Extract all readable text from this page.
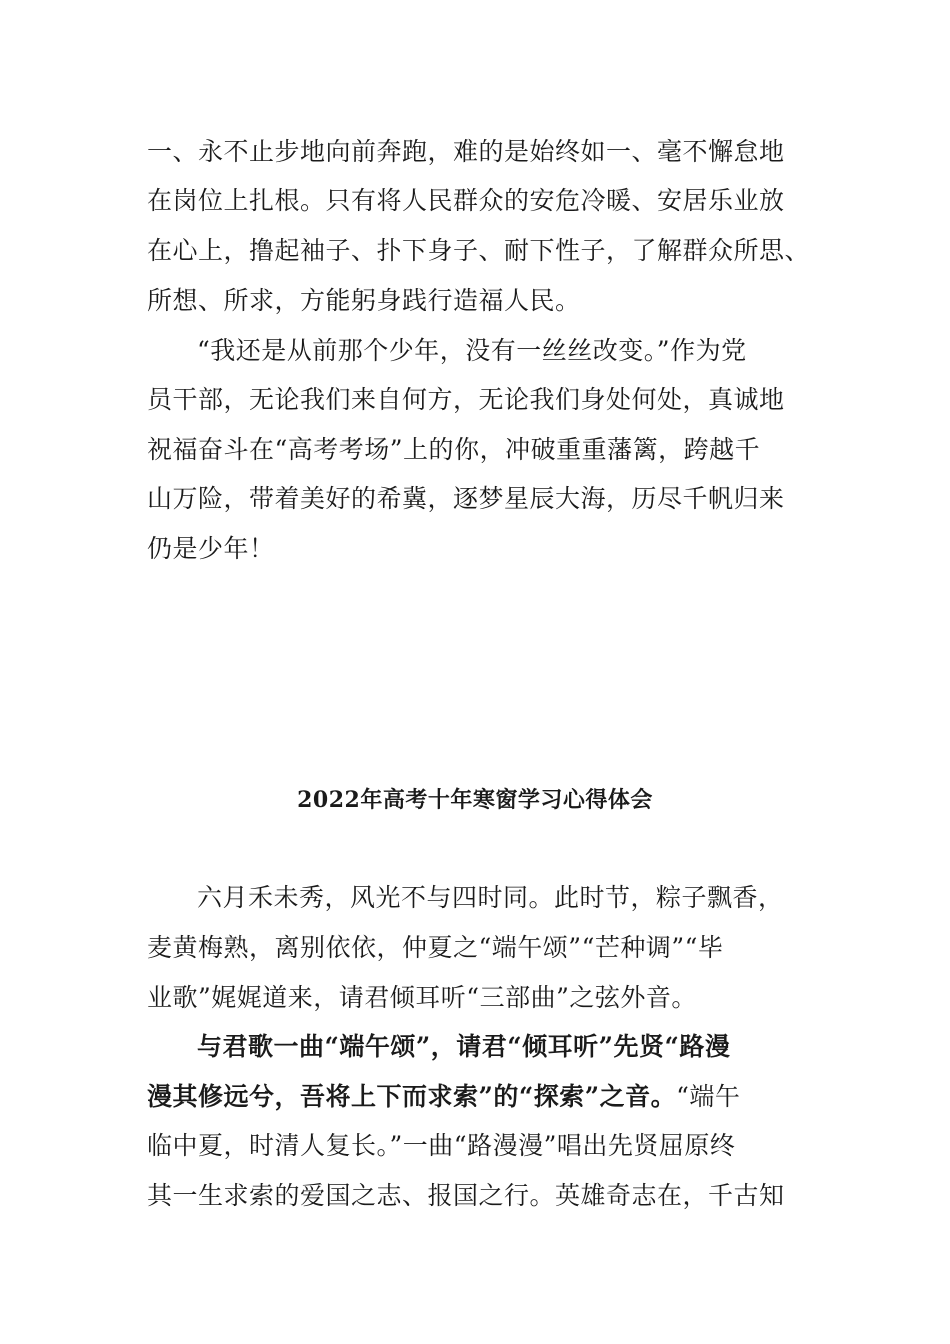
一、永不止步地向前奔跑，难的是始终如一、毫不懈怠地
在岗位上扎根。只有将人民群众的安危冷暖、安居乐业放
在心上，撸起袖子、扑下身子、耐下性子，了解群众所思、
所想、所求，方能躬身践行造福人民。
“我还是从前那个少年，没有一丝丝改变。”作为党
员干部，无论我们来自何方，无论我们身处何处，真诚地
祝福奋斗在“高考考场”上的你，冲破重重藩篱，跨越千
山万险，带着美好的希冀，逐梦星辰大海，历尽千帆归来
仍是少年！
2022年高考十年寒窗学习心得体会
六月禾未秀，风光不与四时同。此时节，粽子飘香，
麦黄梅熟，离别依依，仲夏之“端午颂”“芒种调”“毕
业歌”娓娓道来，请君倾耳听“三部曲”之弦外音。
与君歌一曲“端午颂”，请君“倾耳听”先贤“路漫
漫其修远兮，吾将上下而求索”的“探索”之音。“端午
临中夏，时清人复长。”一曲“路漫漫”唱出先贤屈原终
其一生求索的爱国之志、报国之行。英雄奇志在，千古知
